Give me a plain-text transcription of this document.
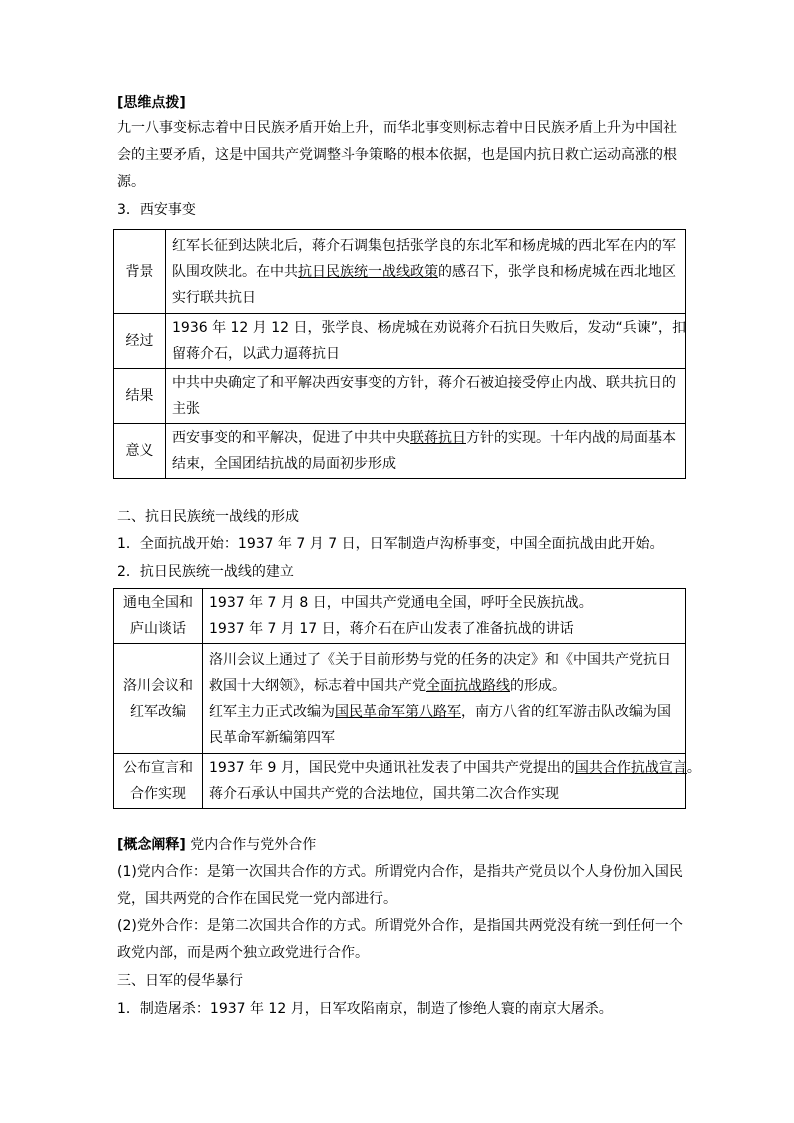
[思维点拨]
九一八事变标志着中日民族矛盾开始上升，而华北事变则标志着中日民族矛盾上升为中国社
会的主要矛盾，这是中国共产党调整斗争策略的根本依据，也是国内抗日救亡运动高涨的根
源。
3．西安事变
背景	红军长征到达陕北后，蒋介石调集包括张学良的东北军和杨虎城的西北军在内的军
队围攻陕北。在中共抗日民族统一战线政策的感召下，张学良和杨虎城在西北地区
实行联共抗日

经过	1936 年 12 月 12 日，张学良、杨虎城在劝说蒋介石抗日失败后，发动“兵谏”，扣
留蒋介石，以武力逼蒋抗日

结果	中共中央确定了和平解决西安事变的方针，蒋介石被迫接受停止内战、联共抗日的
主张

意义	西安事变的和平解决，促进了中共中央联蒋抗日方针的实现。十年内战的局面基本
结束，全国团结抗战的局面初步形成
二、抗日民族统一战线的形成
1．全面抗战开始：1937 年 7 月 7 日，日军制造卢沟桥事变，中国全面抗战由此开始。
2．抗日民族统一战线的建立
通电全国和
庐山谈话	1937 年 7 月 8 日，中国共产党通电全国，呼吁全民族抗战。
1937 年 7 月 17 日，蒋介石在庐山发表了准备抗战的讲话

洛川会议和
红军改编	洛川会议上通过了《关于目前形势与党的任务的决定》和《中国共产党抗日
救国十大纲领》，标志着中国共产党全面抗战路线的形成。
红军主力正式改编为国民革命军第八路军，南方八省的红军游击队改编为国
民革命军新编第四军

公布宣言和
合作实现	1937 年 9 月，国民党中央通讯社发表了中国共产党提出的国共合作抗战宣言。
蒋介石承认中国共产党的合法地位，国共第二次合作实现
[概念阐释] 党内合作与党外合作
(1)党内合作：是第一次国共合作的方式。所谓党内合作，是指共产党员以个人身份加入国民
党，国共两党的合作在国民党一党内部进行。
(2)党外合作：是第二次国共合作的方式。所谓党外合作，是指国共两党没有统一到任何一个
政党内部，而是两个独立政党进行合作。
三、日军的侵华暴行
1．制造屠杀：1937 年 12 月，日军攻陷南京，制造了惨绝人寰的南京大屠杀。
